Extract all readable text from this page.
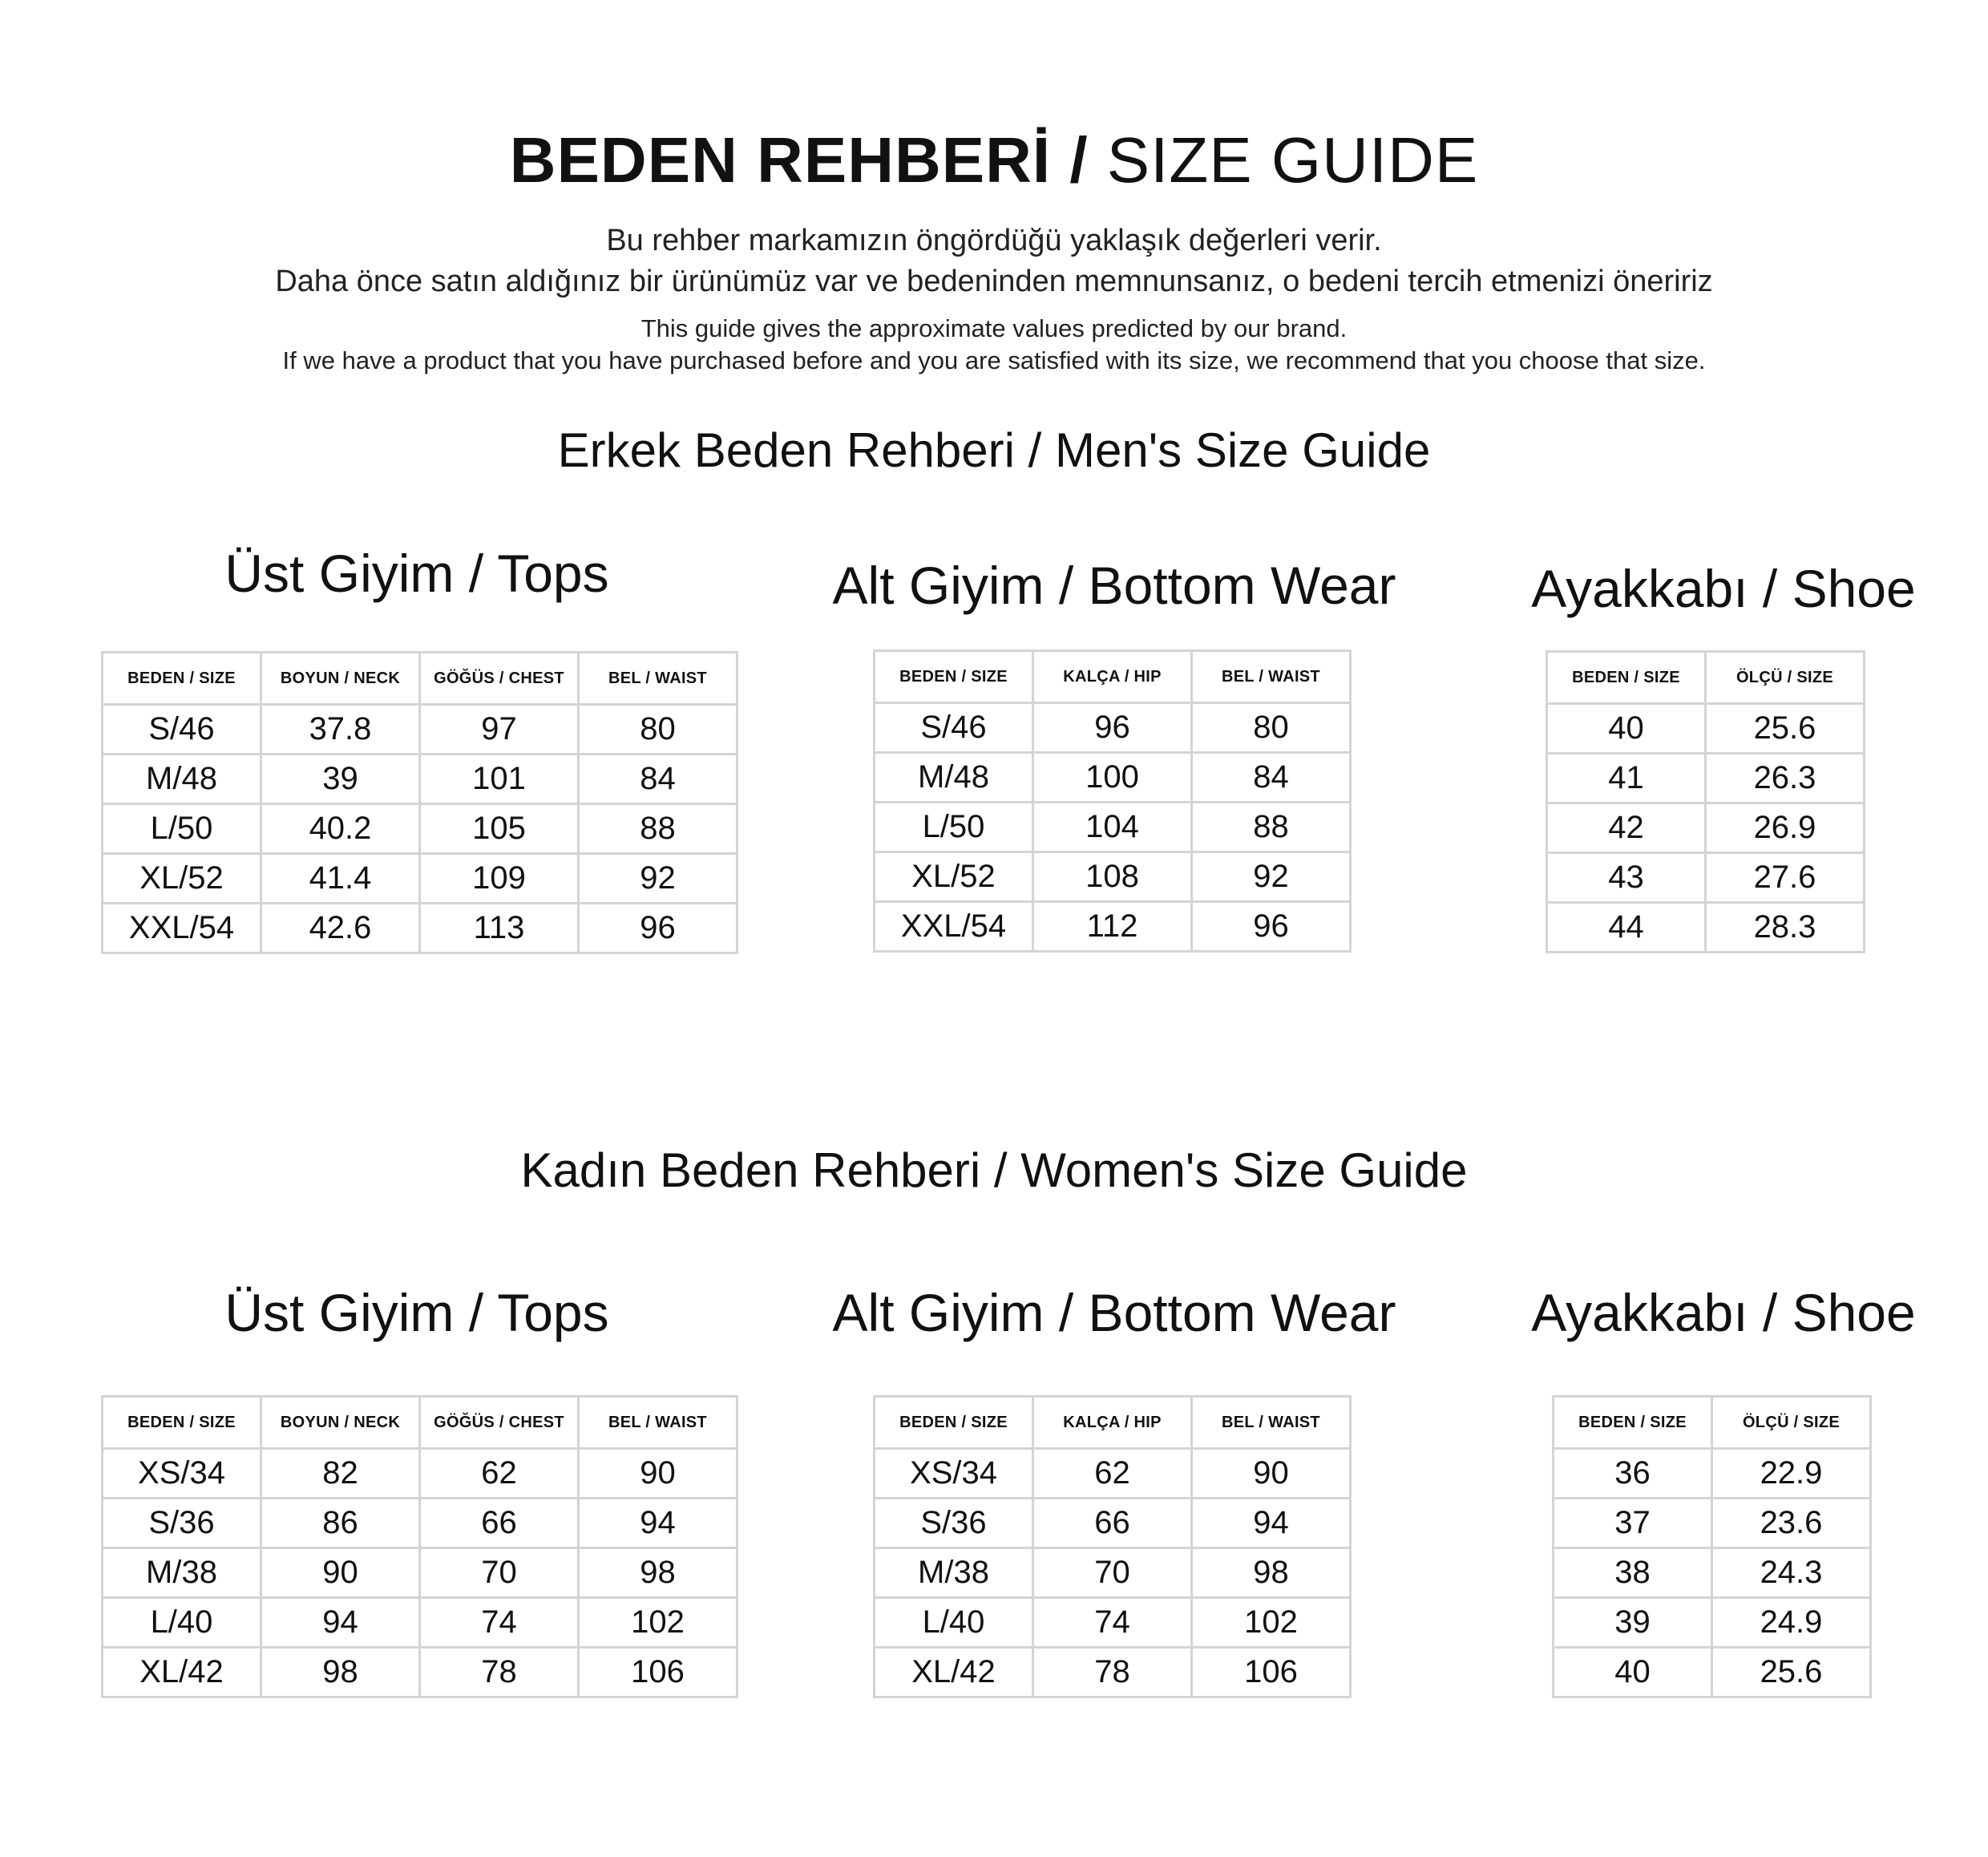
BEDEN REHBERİ / SIZE GUIDE
Bu rehber markamızın öngördüğü yaklaşık değerleri verir.
Daha önce satın aldığınız bir ürünümüz var ve bedeninden memnunsanız, o bedeni tercih etmenizi öneririz
This guide gives the approximate values predicted by our brand.
If we have a product that you have purchased before and you are satisfied with its size, we recommend that you choose that size.
Erkek Beden Rehberi / Men's Size Guide
Üst Giyim / Tops	Alt Giyim / Bottom Wear	Ayakkabı / Shoe
BEDEN / SIZE	BOYUN / NECK	GÖĞÜS / CHEST	BEL / WAIST
S/46	37.8	97	80
M/48	39	101	84
L/50	40.2	105	88
XL/52	41.4	109	92
XXL/54	42.6	113	96
BEDEN / SIZE	KALÇA / HIP	BEL / WAIST
S/46	96	80
M/48	100	84
L/50	104	88
XL/52	108	92
XXL/54	112	96
BEDEN / SIZE	ÖLÇÜ / SIZE
40	25.6
41	26.3
42	26.9
43	27.6
44	28.3
Kadın Beden Rehberi / Women's Size Guide
Üst Giyim / Tops	Alt Giyim / Bottom Wear	Ayakkabı / Shoe
BEDEN / SIZE	BOYUN / NECK	GÖĞÜS / CHEST	BEL / WAIST
XS/34	82	62	90
S/36	86	66	94
M/38	90	70	98
L/40	94	74	102
XL/42	98	78	106
BEDEN / SIZE	KALÇA / HIP	BEL / WAIST
XS/34	62	90
S/36	66	94
M/38	70	98
L/40	74	102
XL/42	78	106
BEDEN / SIZE	ÖLÇÜ / SIZE
36	22.9
37	23.6
38	24.3
39	24.9
40	25.6
